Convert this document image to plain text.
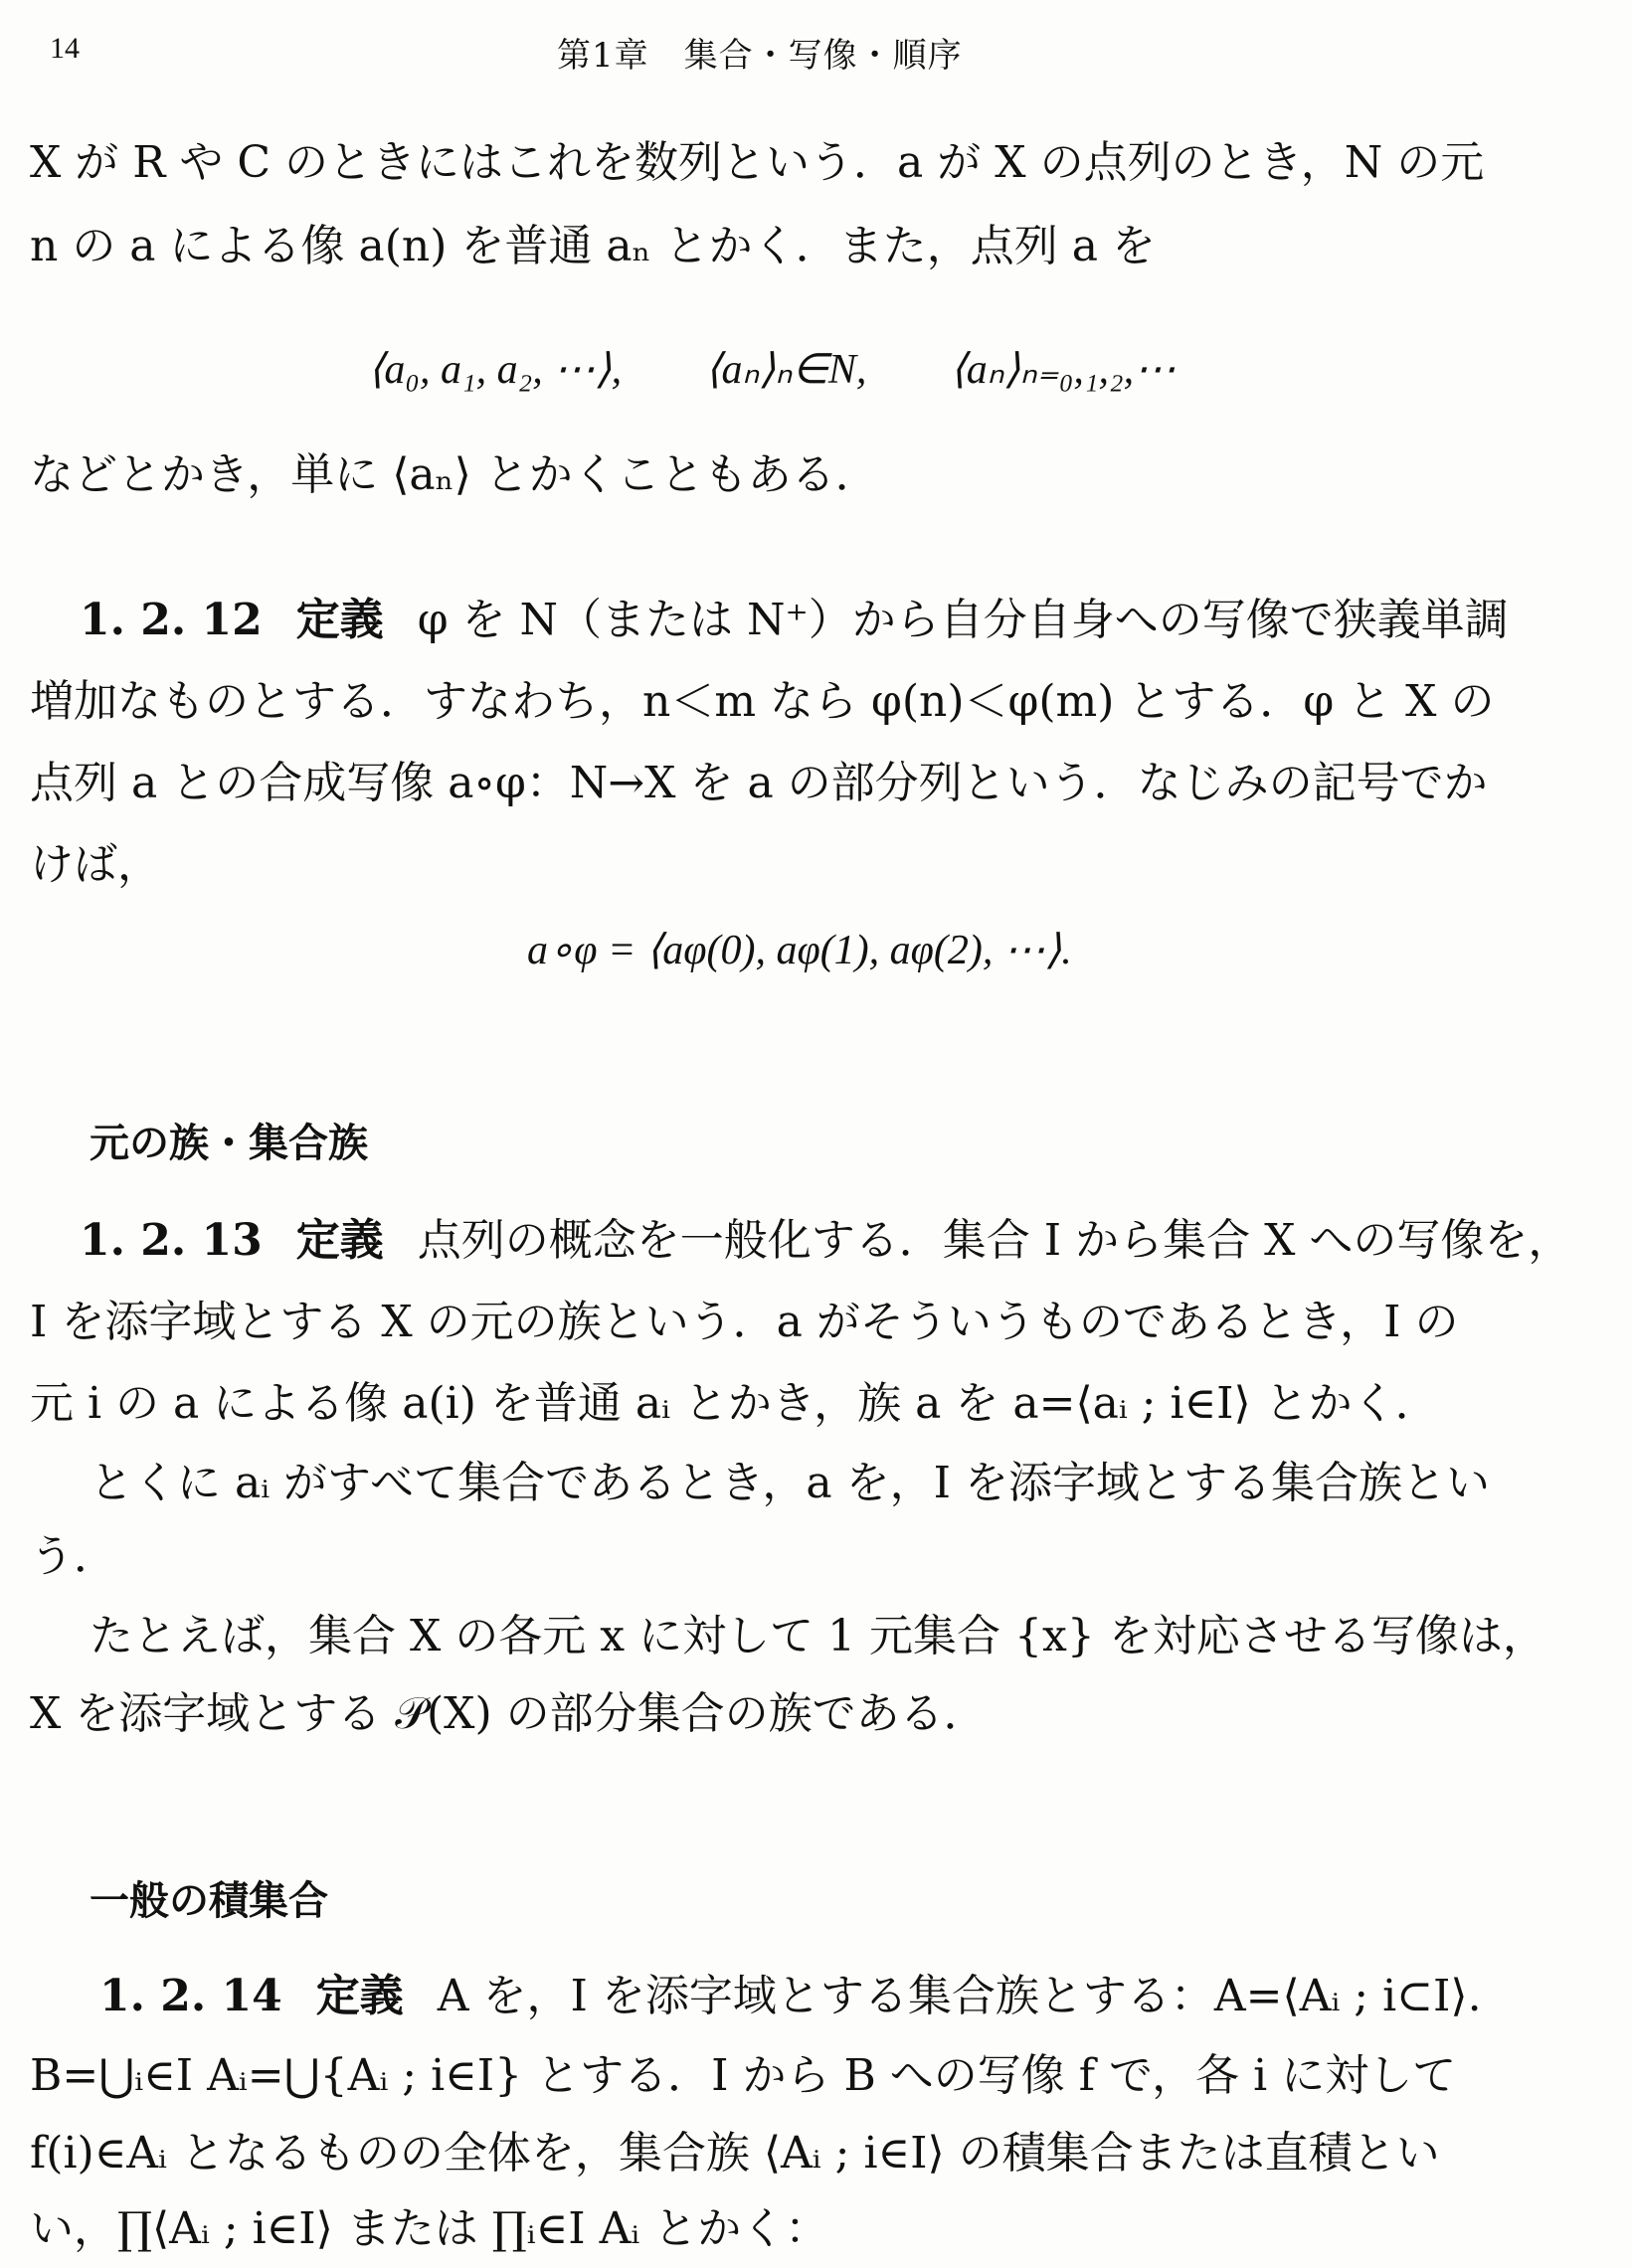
14	第1章　集合・写像・順序
X が R や C のときにはこれを数列という．a が X の点列のとき，N の元
n の a による像 a(n) を普通 aₙ とかく．また，点列 a を
⟨a₀, a₁, a₂, ⋯⟩,　　⟨aₙ⟩ₙ∈N,　　⟨aₙ⟩ₙ₌₀,₁,₂,⋯
などとかき，単に ⟨aₙ⟩ とかくこともある．
1. 2. 12 定義 φ を N（または N⁺）から自分自身への写像で狭義単調
増加なものとする．すなわち，n＜m なら φ(n)＜φ(m) とする．φ と X の
点列 a との合成写像 a∘φ：N→X を a の部分列という．なじみの記号でか
けば，
a∘φ = ⟨aφ(0), aφ(1), aφ(2), ⋯⟩.
元の族・集合族
1. 2. 13 定義 点列の概念を一般化する．集合 I から集合 X への写像を，
I を添字域とする X の元の族という．a がそういうものであるとき，I の
元 i の a による像 a(i) を普通 aᵢ とかき，族 a を a=⟨aᵢ ; i∈I⟩ とかく．
とくに aᵢ がすべて集合であるとき，a を，I を添字域とする集合族とい
う．
たとえば，集合 X の各元 x に対して 1 元集合 {x} を対応させる写像は，
X を添字域とする 𝒫(X) の部分集合の族である．
一般の積集合
1. 2. 14 定義 A を，I を添字域とする集合族とする：A=⟨Aᵢ ; i⊂I⟩.
B=⋃ᵢ∈I Aᵢ=⋃{Aᵢ ; i∈I} とする．I から B への写像 f で，各 i に対して
f(i)∈Aᵢ となるものの全体を，集合族 ⟨Aᵢ ; i∈I⟩ の積集合または直積とい
い，∏⟨Aᵢ ; i∈I⟩ または ∏ᵢ∈I Aᵢ とかく：
